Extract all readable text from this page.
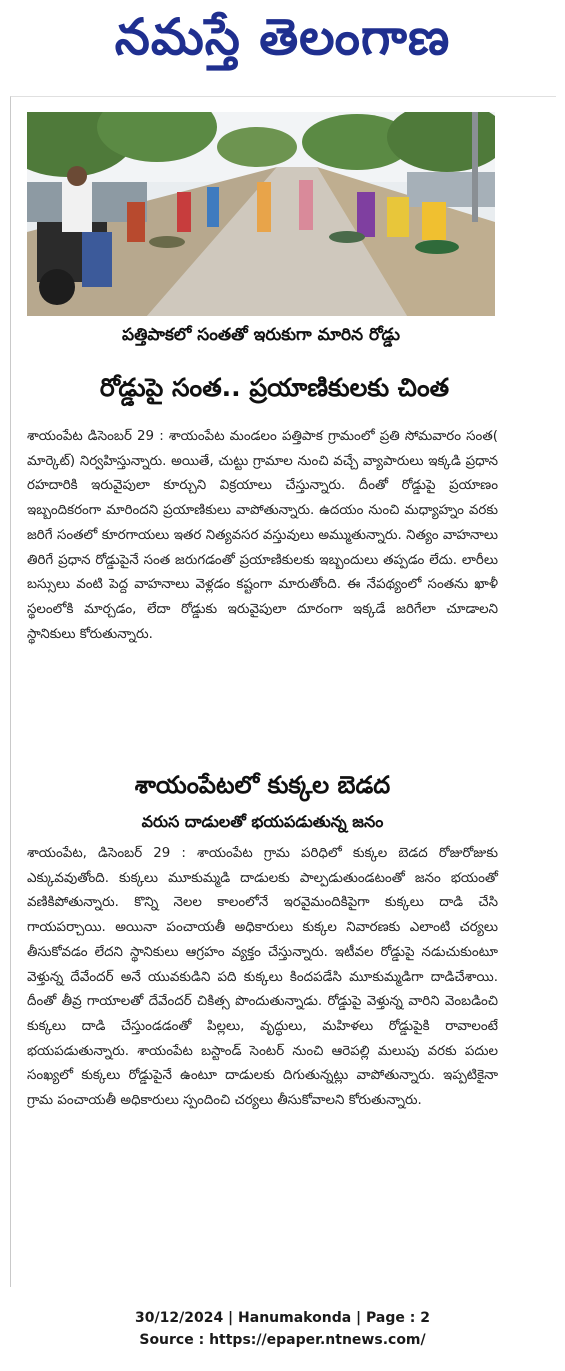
నమస్తే తెలంగాణ
పత్తిపాకలో సంతతో ఇరుకుగా మారిన రోడ్డు
రోడ్డుపై సంత.. ప్రయాణికులకు చింత

శాయంపేట డిసెంబర్ 29 : శాయంపేట మండలం పత్తిపాక గ్రామంలో ప్రతి సోమవారం సంత( మార్కెట్) నిర్వహిస్తున్నారు. అయితే, చుట్టు గ్రామాల నుంచి వచ్చే వ్యాపారులు ఇక్కడి ప్రధాన రహదారికి ఇరువైపులా కూర్చుని విక్రయాలు చేస్తున్నారు. దీంతో రోడ్డుపై ప్రయాణం ఇబ్బందికరంగా మారిందని ప్రయాణికులు వాపోతున్నారు. ఉదయం నుంచి మధ్యాహ్నం వరకు జరిగే సంతలో కూరగాయలు ఇతర నిత్యవసర వస్తువులు అమ్ముతున్నారు. నిత్యం వాహనాలు తిరిగే ప్రధాన రోడ్డుపైనే సంత జరుగడంతో ప్రయాణికులకు ఇబ్బందులు తప్పడం లేదు. లారీలు బస్సులు వంటి పెద్ద వాహనాలు వెళ్లడం కష్టంగా మారుతోంది. ఈ నేపథ్యంలో సంతను ఖాళీ స్థలంలోకి మార్చడం, లేదా రోడ్డుకు ఇరువైపులా దూరంగా ఇక్కడే జరిగేలా చూడాలని స్థానికులు కోరుతున్నారు.

శాయంపేటలో కుక్కల బెడద
వరుస దాడులతో భయపడుతున్న జనం

శాయంపేట, డిసెంబర్ 29 : శాయంపేట గ్రామ పరిధిలో కుక్కల బెడద రోజురోజుకు ఎక్కువవుతోంది. కుక్కలు మూకుమ్మడి దాడులకు పాల్పడుతుండటంతో జనం భయంతో వణికిపోతున్నారు. కొన్ని నెలల కాలంలోనే ఇరవైమందికిపైగా కుక్కలు దాడి చేసి గాయపర్చాయి. అయినా పంచాయతీ అధికారులు కుక్కల నివారణకు ఎలాంటి చర్యలు తీసుకోవడం లేదని స్థానికులు ఆగ్రహం వ్యక్తం చేస్తున్నారు. ఇటీవల రోడ్డుపై నడుచుకుంటూ వెళ్తున్న దేవేందర్ అనే యువకుడిని పది కుక్కలు కిందపడేసి మూకుమ్మడిగా దాడిచేశాయి. దీంతో తీవ్ర గాయాలతో దేవేందర్ చికిత్స పొందుతున్నాడు. రోడ్డుపై వెళ్తున్న వారిని వెంబడించి కుక్కలు దాడి చేస్తుండడంతో పిల్లలు, వృద్ధులు, మహిళలు రోడ్డుపైకి రావాలంటే భయపడుతున్నారు. శాయంపేట బస్టాండ్ సెంటర్ నుంచి ఆరెపల్లి మలుపు వరకు పదుల సంఖ్యలో కుక్కలు రోడ్డుపైనే ఉంటూ దాడులకు దిగుతున్నట్లు వాపోతున్నారు. ఇప్పటికైనా గ్రామ పంచాయతీ అధికారులు స్పందించి చర్యలు తీసుకోవాలని కోరుతున్నారు.

30/12/2024 | Hanumakonda | Page : 2
Source : https://epaper.ntnews.com/
